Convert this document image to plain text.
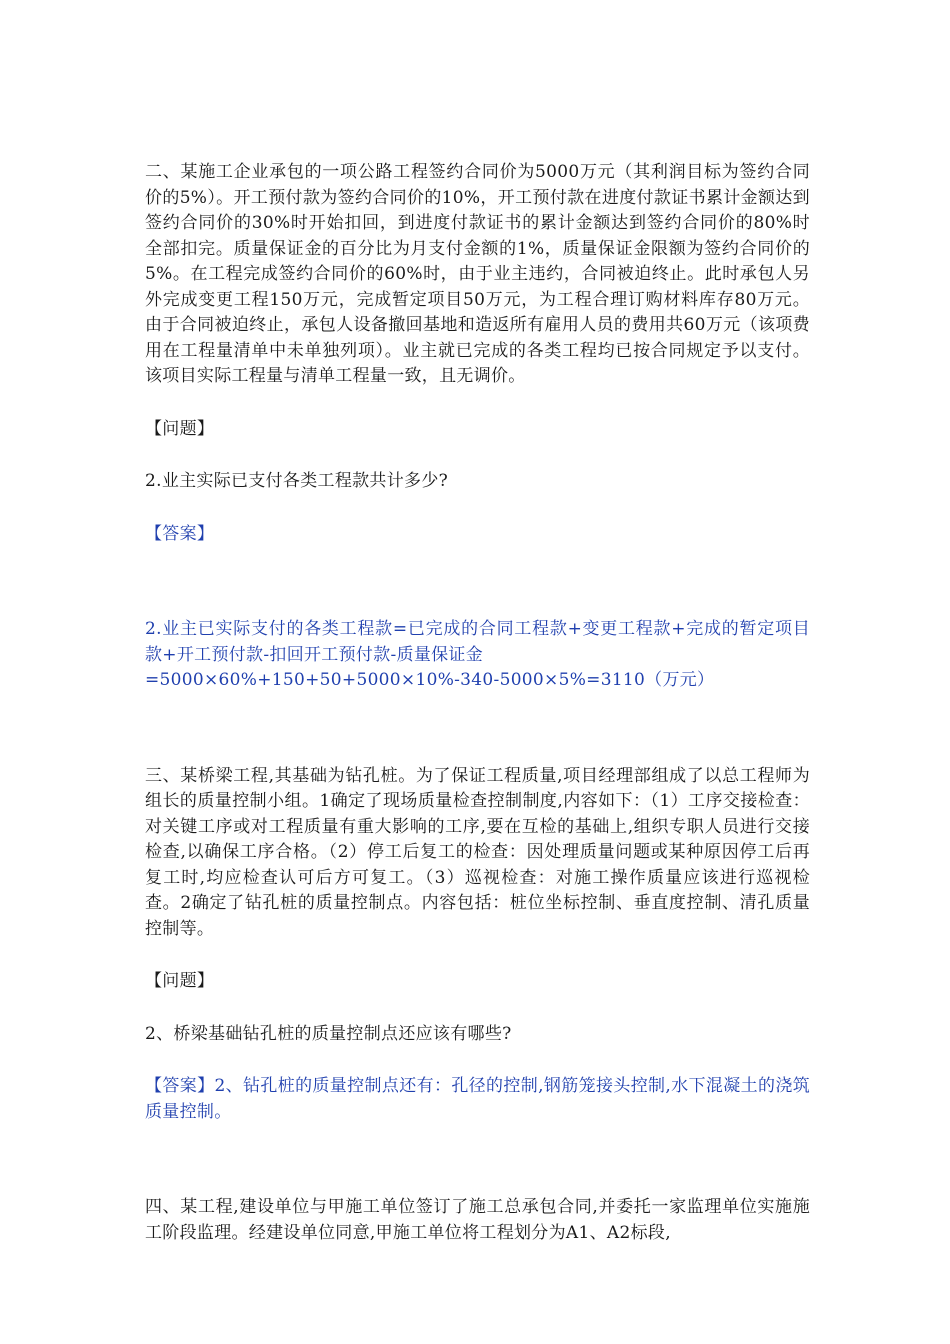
二、某施工企业承包的一项公路工程签约合同价为5000万元（其利润目标为签约合同价的5%）。开工预付款为签约合同价的10%，开工预付款在进度付款证书累计金额达到签约合同价的30%时开始扣回，到进度付款证书的累计金额达到签约合同价的80%时全部扣完。质量保证金的百分比为月支付金额的1%，质量保证金限额为签约合同价的5%。在工程完成签约合同价的60%时，由于业主违约，合同被迫终止。此时承包人另外完成变更工程150万元，完成暂定项目50万元，为工程合理订购材料库存80万元。由于合同被迫终止，承包人设备撤回基地和造返所有雇用人员的费用共60万元（该项费用在工程量清单中未单独列项）。业主就已完成的各类工程均已按合同规定予以支付。该项目实际工程量与清单工程量一致，且无调价。

【问题】

2.业主实际已支付各类工程款共计多少?

【答案】

2.业主已实际支付的各类工程款=已完成的合同工程款+变更工程款+完成的暂定项目款+开工预付款-扣回开工预付款-质量保证金

=5000×60%+150+50+5000×10%-340-5000×5%=3110（万元）

三、某桥梁工程,其基础为钻孔桩。为了保证工程质量,项目经理部组成了以总工程师为组长的质量控制小组。1确定了现场质量检查控制制度,内容如下：（1）工序交接检查：对关键工序或对工程质量有重大影响的工序,要在互检的基础上,组织专职人员进行交接检查,以确保工序合格。（2）停工后复工的检查：因处理质量问题或某种原因停工后再复工时,均应检查认可后方可复工。（3）巡视检查：对施工操作质量应该进行巡视检查。2确定了钻孔桩的质量控制点。内容包括：桩位坐标控制、垂直度控制、清孔质量控制等。

【问题】

2、桥梁基础钻孔桩的质量控制点还应该有哪些?

【答案】2、钻孔桩的质量控制点还有：孔径的控制,钢筋笼接头控制,水下混凝土的浇筑质量控制。

四、某工程,建设单位与甲施工单位签订了施工总承包合同,并委托一家监理单位实施施工阶段监理。经建设单位同意,甲施工单位将工程划分为A1、A2标段,
